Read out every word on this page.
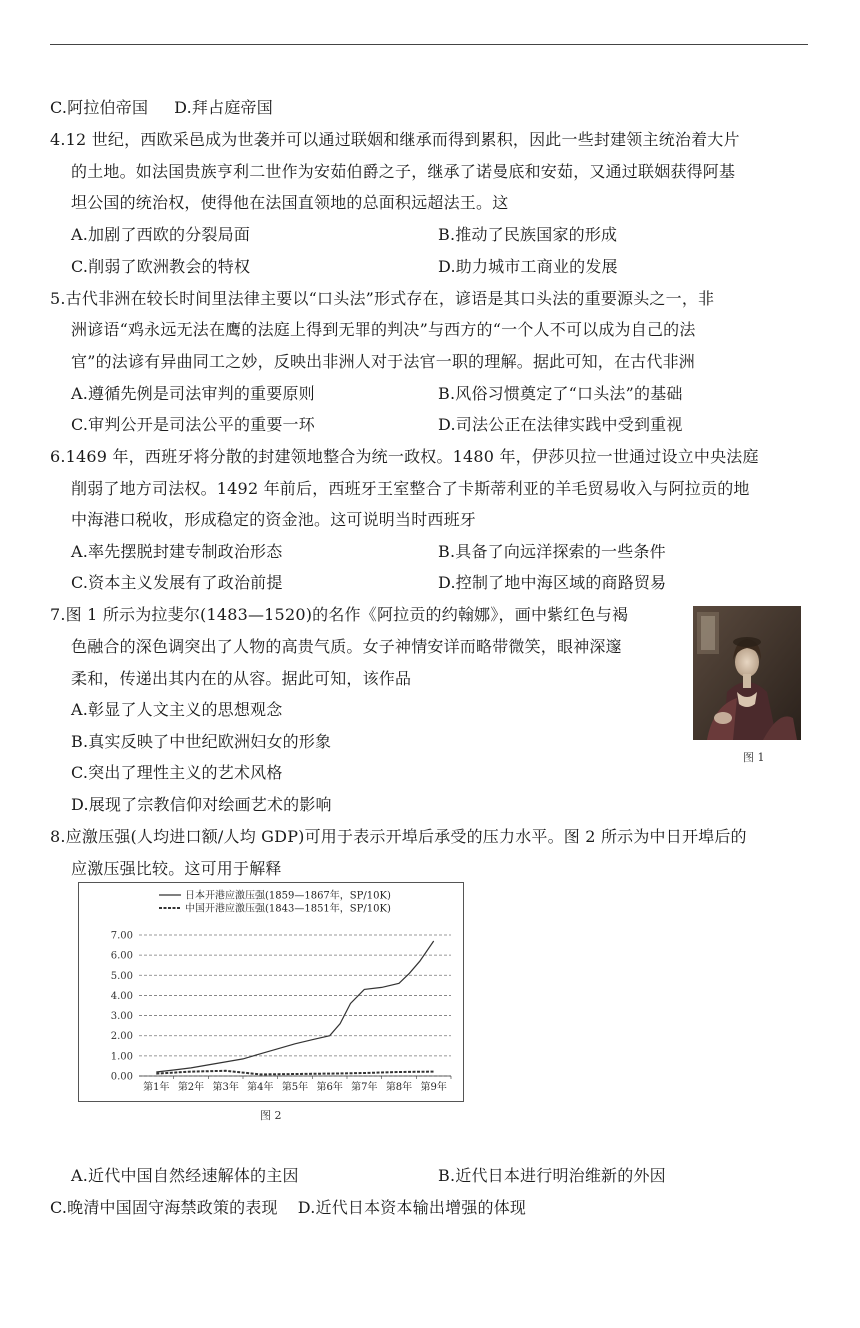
C.阿拉伯帝国 D.拜占庭帝国
4.12 世纪，西欧采邑成为世袭并可以通过联姻和继承而得到累积，因此一些封建领主统治着大片
的土地。如法国贵族亨利二世作为安茹伯爵之子，继承了诺曼底和安茹，又通过联姻获得阿基
坦公国的统治权，使得他在法国直领地的总面积远超法王。这
A.加剧了西欧的分裂局面	B.推动了民族国家的形成
C.削弱了欧洲教会的特权	D.助力城市工商业的发展
5.古代非洲在较长时间里法律主要以“口头法”形式存在，谚语是其口头法的重要源头之一，非
洲谚语“鸡永远无法在鹰的法庭上得到无罪的判决”与西方的“一个人不可以成为自己的法
官”的法谚有异曲同工之妙，反映出非洲人对于法官一职的理解。据此可知，在古代非洲
A.遵循先例是司法审判的重要原则	B.风俗习惯奠定了“口头法”的基础
C.审判公开是司法公平的重要一环	D.司法公正在法律实践中受到重视
6.1469 年，西班牙将分散的封建领地整合为统一政权。1480 年，伊莎贝拉一世通过设立中央法庭
削弱了地方司法权。1492 年前后，西班牙王室整合了卡斯蒂利亚的羊毛贸易收入与阿拉贡的地
中海港口税收，形成稳定的资金池。这可说明当时西班牙
A.率先摆脱封建专制政治形态	B.具备了向远洋探索的一些条件
C.资本主义发展有了政治前提	D.控制了地中海区域的商路贸易
7.图 1 所示为拉斐尔(1483—1520)的名作《阿拉贡的约翰娜》，画中紫红色与褐
色融合的深色调突出了人物的高贵气质。女子神情安详而略带微笑，眼神深邃
柔和，传递出其内在的从容。据此可知，该作品
A.彰显了人文主义的思想观念
B.真实反映了中世纪欧洲妇女的形象
C.突出了理性主义的艺术风格
D.展现了宗教信仰对绘画艺术的影响
图 1
8.应激压强(人均进口额/人均 GDP)可用于表示开埠后承受的压力水平。图 2 所示为中日开埠后的
应激压强比较。这可用于解释
0.00
1.00
2.00
3.00
4.00
5.00
6.00
7.00
第1年 第2年 第3年 第4年 第5年 第6年 第7年 第8年 第9年
日本开港应激压强(1859—1867年，SP/10K)
中国开港应激压强(1843—1851年，SP/10K)
图 2
A.近代中国自然经速解体的主因	B.近代日本进行明治维新的外因
C.晚清中国固守海禁政策的表现 D.近代日本资本输出增强的体现
